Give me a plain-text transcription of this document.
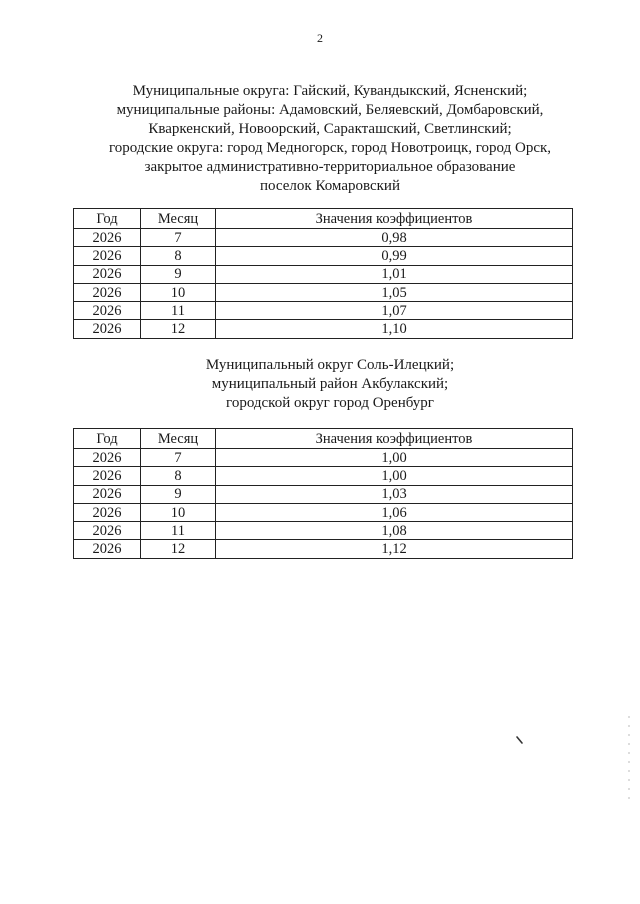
2
Муниципальные округа: Гайский, Кувандыкский, Ясненский;
муниципальные районы: Адамовский, Беляевский, Домбаровский,
Кваркенский, Новоорский, Саракташский, Светлинский;
городские округа: город Медногорск, город Новотроицк, город Орск,
закрытое административно-территориальное образование
поселок Комаровский
Год	Месяц	Значения коэффициентов
2026	7	0,98
2026	8	0,99
2026	9	1,01
2026	10	1,05
2026	11	1,07
2026	12	1,10
Муниципальный округ Соль-Илецкий;
муниципальный район Акбулакский;
городской округ город Оренбург
Год	Месяц	Значения коэффициентов
2026	7	1,00
2026	8	1,00
2026	9	1,03
2026	10	1,06
2026	11	1,08
2026	12	1,12
